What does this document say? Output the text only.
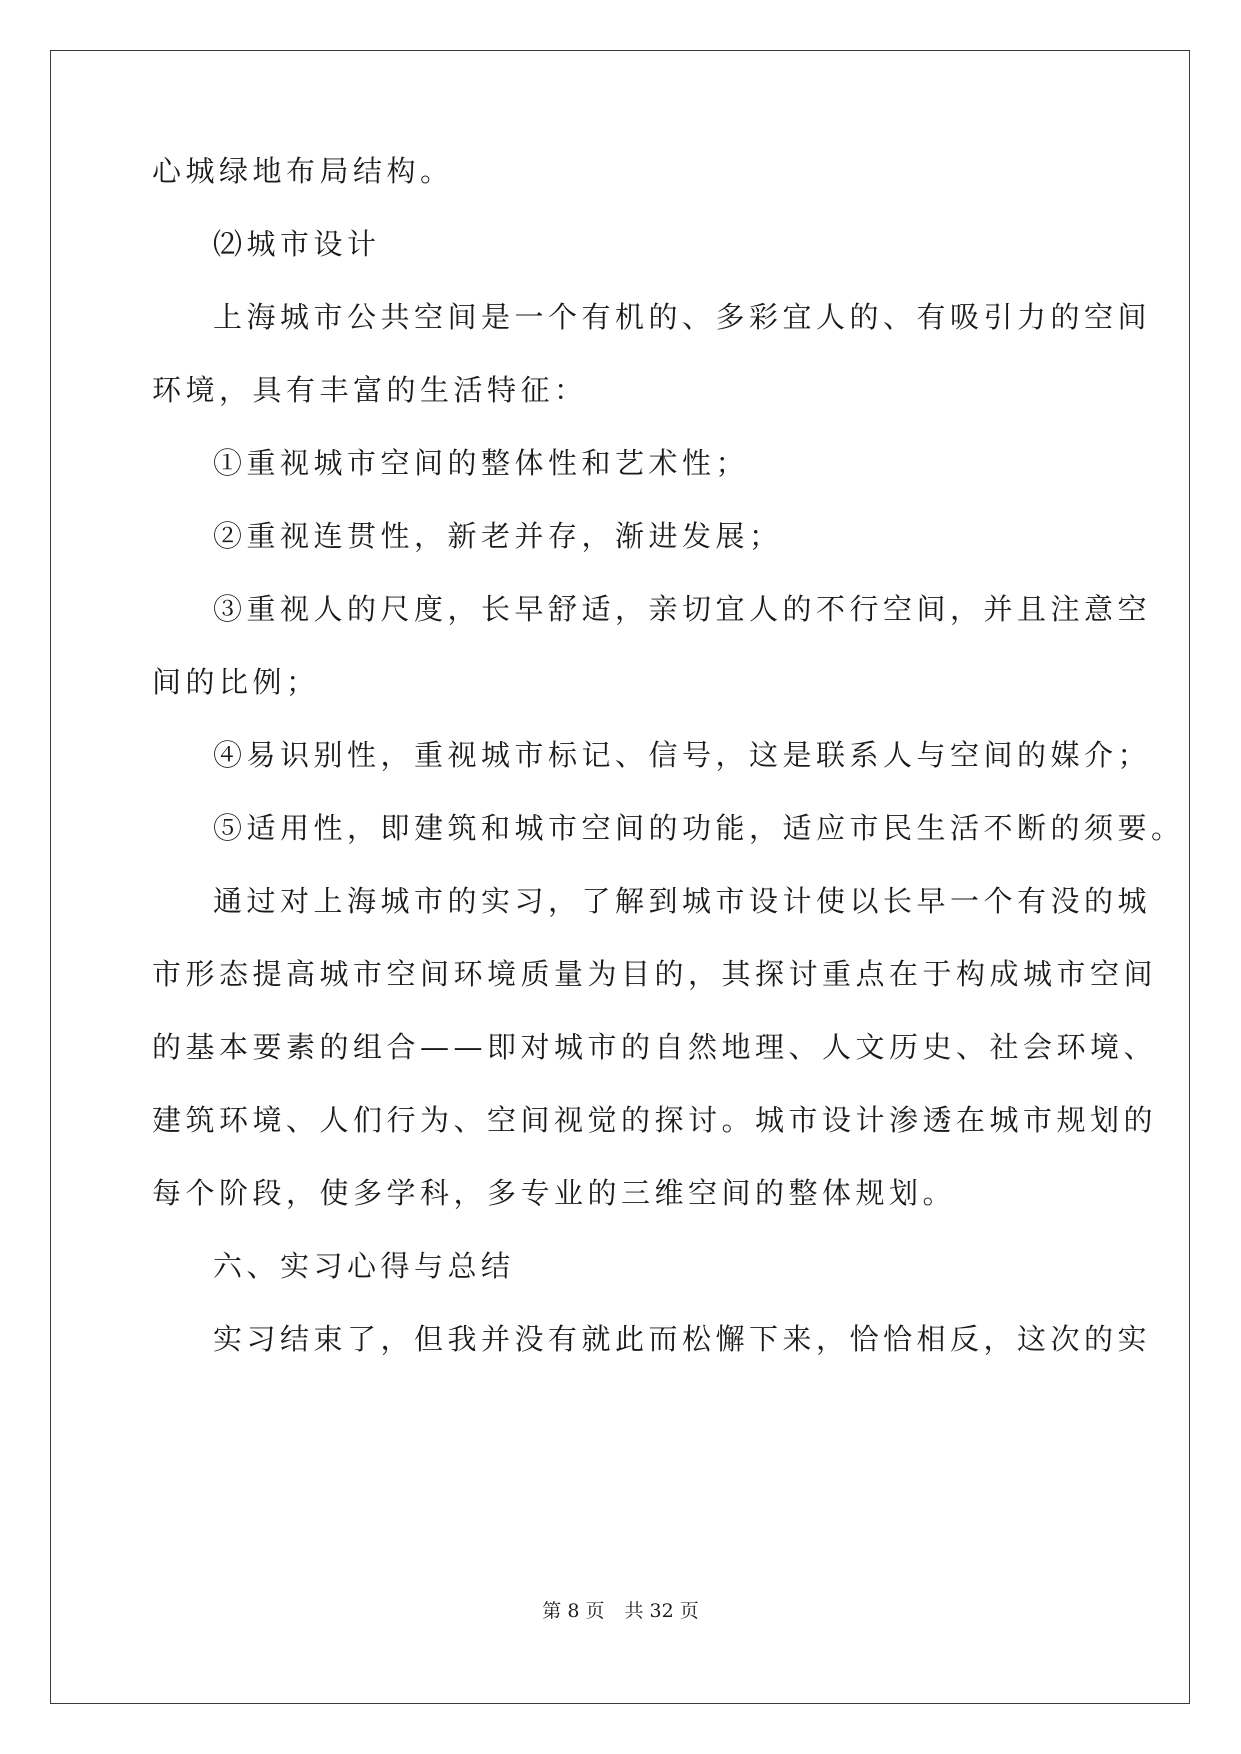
心城绿地布局结构。
⑵城市设计
上海城市公共空间是一个有机的、多彩宜人的、有吸引力的空间
环境，具有丰富的生活特征：
①重视城市空间的整体性和艺术性；
②重视连贯性，新老并存，渐进发展；
③重视人的尺度，长早舒适，亲切宜人的不行空间，并且注意空
间的比例；
④易识别性，重视城市标记、信号，这是联系人与空间的媒介；
⑤适用性，即建筑和城市空间的功能，适应市民生活不断的须要。
通过对上海城市的实习，了解到城市设计使以长早一个有没的城
市形态提高城市空间环境质量为目的，其探讨重点在于构成城市空间
的基本要素的组合——即对城市的自然地理、人文历史、社会环境、
建筑环境、人们行为、空间视觉的探讨。城市设计渗透在城市规划的
每个阶段，使多学科，多专业的三维空间的整体规划。
六、实习心得与总结
实习结束了，但我并没有就此而松懈下来，恰恰相反，这次的实
第 8 页 共 32 页
